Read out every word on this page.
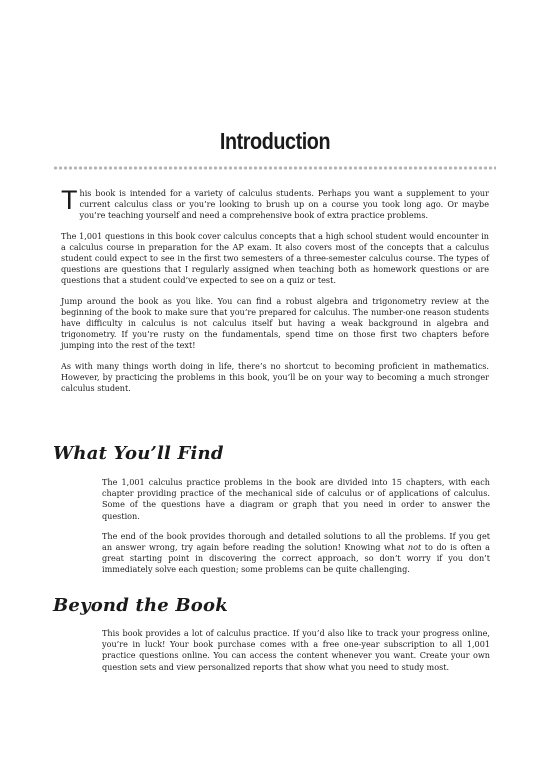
Introduction

This book is intended for a variety of calculus students. Perhaps you want a supplement to your current calculus class or you’re looking to brush up on a course you took long ago. Or maybe you’re teaching yourself and need a comprehensive book of extra practice problems.

The 1,001 questions in this book cover calculus concepts that a high school student would encounter in a calculus course in preparation for the AP exam. It also covers most of the concepts that a calculus student could expect to see in the first two semesters of a three-semester calculus course. The types of questions are questions that I regularly assigned when teaching both as homework questions or are questions that a student could’ve expected to see on a quiz or test.

Jump around the book as you like. You can find a robust algebra and trigonometry review at the beginning of the book to make sure that you’re prepared for calculus. The number-one reason students have difficulty in calculus is not calculus itself but having a weak background in algebra and trigonometry. If you’re rusty on the fundamentals, spend time on those first two chapters before jumping into the rest of the text!

As with many things worth doing in life, there’s no shortcut to becoming proficient in mathematics. However, by practicing the problems in this book, you’ll be on your way to becoming a much stronger calculus student.

What You’ll Find

The 1,001 calculus practice problems in the book are divided into 15 chapters, with each chapter providing practice of the mechanical side of calculus or of applications of calculus. Some of the questions have a diagram or graph that you need in order to answer the question.

The end of the book provides thorough and detailed solutions to all the problems. If you get an answer wrong, try again before reading the solution! Knowing what not to do is often a great starting point in discovering the correct approach, so don’t worry if you don’t immediately solve each question; some problems can be quite challenging.

Beyond the Book

This book provides a lot of calculus practice. If you’d also like to track your progress online, you’re in luck! Your book purchase comes with a free one-year subscription to all 1,001 practice questions online. You can access the content whenever you want. Create your own question sets and view personalized reports that show what you need to study most.
